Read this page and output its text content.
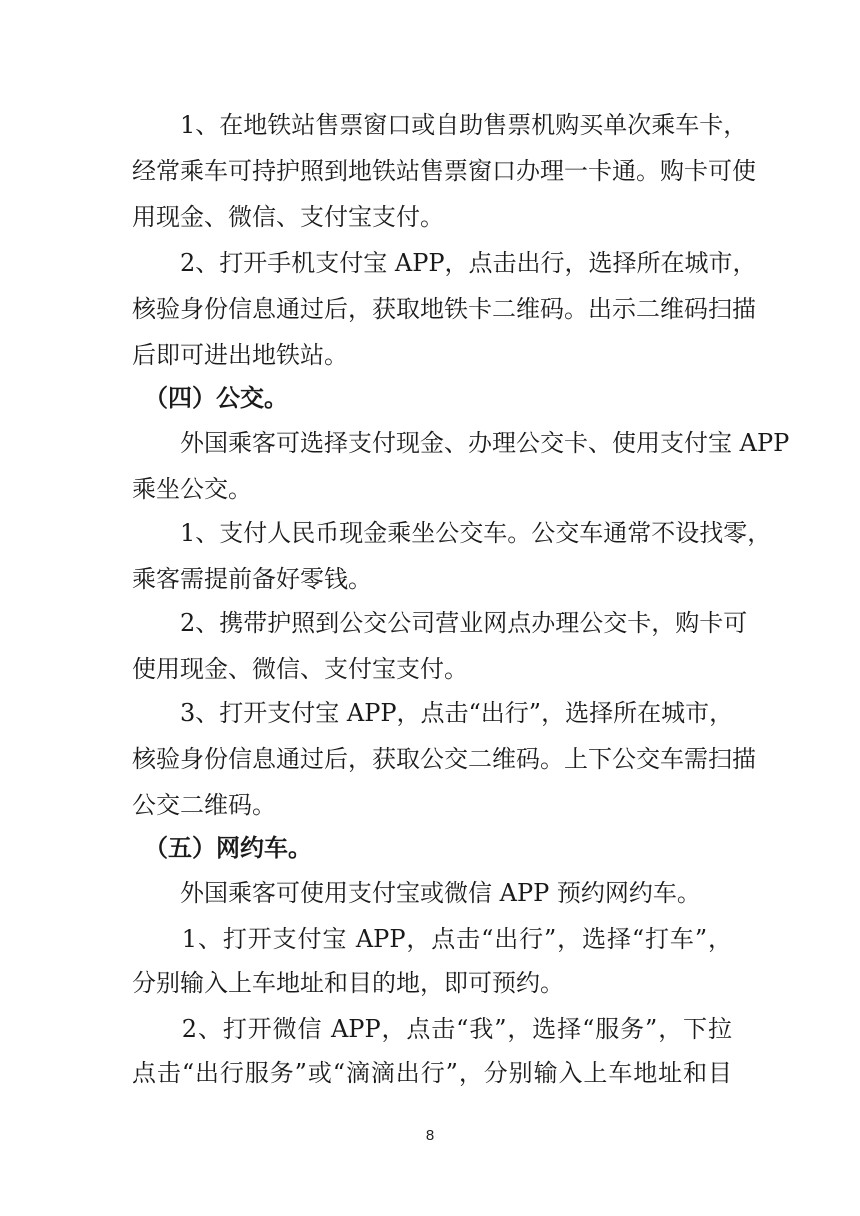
　　1、在地铁站售票窗口或自助售票机购买单次乘车卡，
经常乘车可持护照到地铁站售票窗口办理一卡通。购卡可使
用现金、微信、支付宝支付。
　　2、打开手机支付宝 APP，点击出行，选择所在城市，
核验身份信息通过后，获取地铁卡二维码。出示二维码扫描
后即可进出地铁站。
　（四）公交。
　　外国乘客可选择支付现金、办理公交卡、使用支付宝 APP
乘坐公交。
　　1、支付人民币现金乘坐公交车。公交车通常不设找零，
乘客需提前备好零钱。
　　2、携带护照到公交公司营业网点办理公交卡，购卡可
使用现金、微信、支付宝支付。
　　3、打开支付宝 APP，点击“出行”，选择所在城市，
核验身份信息通过后，获取公交二维码。上下公交车需扫描
公交二维码。
　（五）网约车。
　　外国乘客可使用支付宝或微信 APP 预约网约车。
　　1、打开支付宝 APP，点击“出行”，选择“打车”，
分别输入上车地址和目的地，即可预约。
　　2、打开微信 APP，点击“我”，选择“服务”，下拉
点击“出行服务”或“滴滴出行”，分别输入上车地址和目
8
